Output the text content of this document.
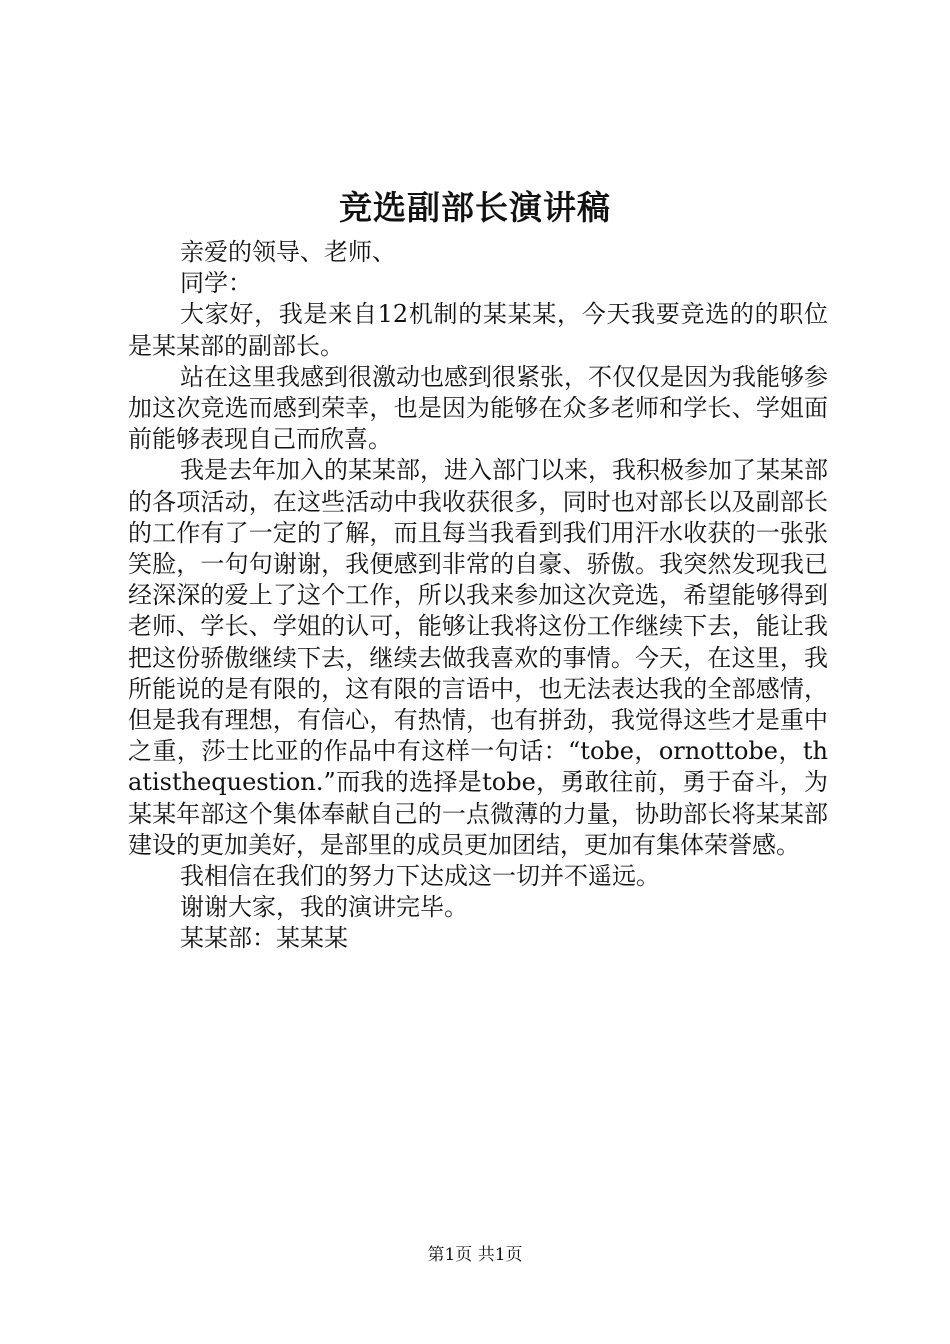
竞选副部长演讲稿

亲爱的领导、老师、

同学：

大家好，我是来自12机制的某某某，今天我要竞选的的职位是某某部的副部长。

站在这里我感到很激动也感到很紧张，不仅仅是因为我能够参加这次竞选而感到荣幸，也是因为能够在众多老师和学长、学姐面前能够表现自己而欣喜。

我是去年加入的某某部，进入部门以来，我积极参加了某某部的各项活动，在这些活动中我收获很多，同时也对部长以及副部长的工作有了一定的了解，而且每当我看到我们用汗水收获的一张张笑脸，一句句谢谢，我便感到非常的自豪、骄傲。我突然发现我已经深深的爱上了这个工作，所以我来参加这次竞选，希望能够得到老师、学长、学姐的认可，能够让我将这份工作继续下去，能让我把这份骄傲继续下去，继续去做我喜欢的事情。今天，在这里，我所能说的是有限的，这有限的言语中，也无法表达我的全部感情，但是我有理想，有信心，有热情，也有拼劲，我觉得这些才是重中之重，莎士比亚的作品中有这样一句话：“tobe，ornottobe，thatisthequestion.”而我的选择是tobe，勇敢往前，勇于奋斗，为某某年部这个集体奉献自己的一点微薄的力量，协助部长将某某部建设的更加美好，是部里的成员更加团结，更加有集体荣誉感。

我相信在我们的努力下达成这一切并不遥远。

谢谢大家，我的演讲完毕。

某某部：某某某

第1页 共1页
